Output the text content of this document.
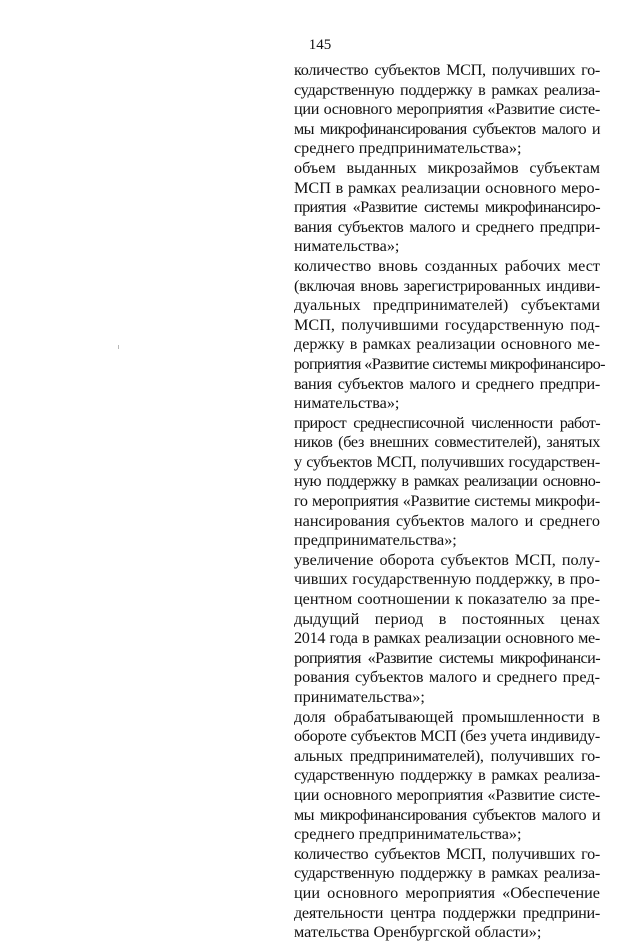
145
количество субъектов МСП, получивших го-
сударственную поддержку в рамках реализа-
ции основного мероприятия «Развитие систе-
мы микрофинансирования субъектов малого и
среднего предпринимательства»;
объем выданных микрозаймов субъектам
МСП в рамках реализации основного меро-
приятия «Развитие системы микрофинансиро-
вания субъектов малого и среднего предпри-
нимательства»;
количество вновь созданных рабочих мест
(включая вновь зарегистрированных индиви-
дуальных предпринимателей) субъектами
МСП, получившими государственную под-
держку в рамках реализации основного ме-
роприятия «Развитие системы микрофинансиро-
вания субъектов малого и среднего предпри-
нимательства»;
прирост среднесписочной численности работ-
ников (без внешних совместителей), занятых
у субъектов МСП, получивших государствен-
ную поддержку в рамках реализации основно-
го мероприятия «Развитие системы микрофи-
нансирования субъектов малого и среднего
предпринимательства»;
увеличение оборота субъектов МСП, полу-
чивших государственную поддержку, в про-
центном соотношении к показателю за пре-
дыдущий период в постоянных ценах
2014 года в рамках реализации основного ме-
роприятия «Развитие системы микрофинанси-
рования субъектов малого и среднего пред-
принимательства»;
доля обрабатывающей промышленности в
обороте субъектов МСП (без учета индивиду-
альных предпринимателей), получивших го-
сударственную поддержку в рамках реализа-
ции основного мероприятия «Развитие систе-
мы микрофинансирования субъектов малого и
среднего предпринимательства»;
количество субъектов МСП, получивших го-
сударственную поддержку в рамках реализа-
ции основного мероприятия «Обеспечение
деятельности центра поддержки предприни-
мательства Оренбургской области»;
